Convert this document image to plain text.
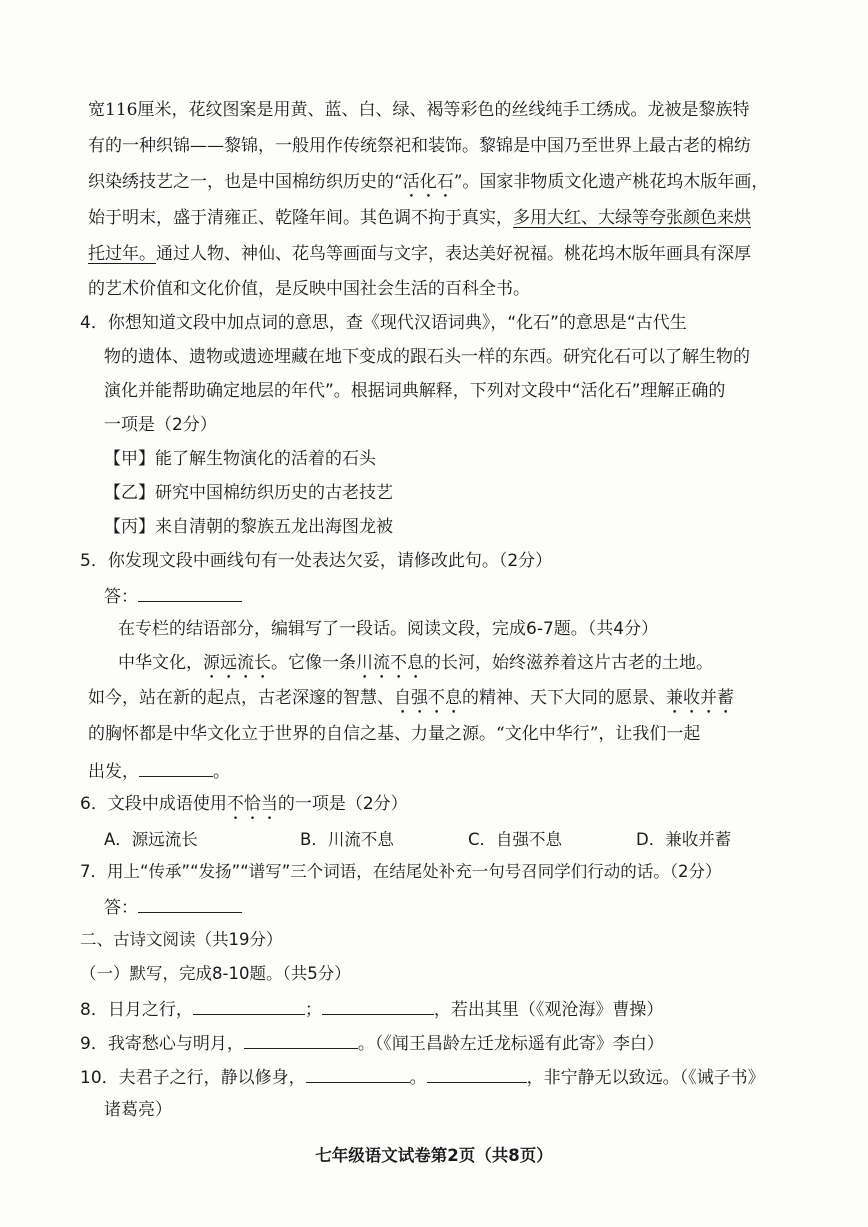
宽116厘米，花纹图案是用黄、蓝、白、绿、褐等彩色的丝线纯手工绣成。龙被是黎族特
有的一种织锦——黎锦，一般用作传统祭祀和装饰。黎锦是中国乃至世界上最古老的棉纺
织染绣技艺之一，也是中国棉纺织历史的“活化石”。国家非物质文化遗产桃花坞木版年画，
始于明末，盛于清雍正、乾隆年间。其色调不拘于真实，多用大红、大绿等夸张颜色来烘
托过年。通过人物、神仙、花鸟等画面与文字，表达美好祝福。桃花坞木版年画具有深厚
的艺术价值和文化价值，是反映中国社会生活的百科全书。
4．你想知道文段中加点词的意思，查《现代汉语词典》，“化石”的意思是“古代生
物的遗体、遗物或遗迹埋藏在地下变成的跟石头一样的东西。研究化石可以了解生物的
演化并能帮助确定地层的年代”。根据词典解释，下列对文段中“活化石”理解正确的
一项是（2分）
【甲】能了解生物演化的活着的石头
【乙】研究中国棉纺织历史的古老技艺
【丙】来自清朝的黎族五龙出海图龙被
5．你发现文段中画线句有一处表达欠妥，请修改此句。（2分）
答：
在专栏的结语部分，编辑写了一段话。阅读文段，完成6-7题。（共4分）
中华文化，源远流长。它像一条川流不息的长河，始终滋养着这片古老的土地。
如今，站在新的起点，古老深邃的智慧、自强不息的精神、天下大同的愿景、兼收并蓄
的胸怀都是中华文化立于世界的自信之基、力量之源。“文化中华行”，让我们一起
出发，	。
6．文段中成语使用不恰当的一项是（2分）
A．源远流长	B．川流不息	C．自强不息	D．兼收并蓄
7．用上“传承”“发扬”“谱写”三个词语，在结尾处补充一句号召同学们行动的话。（2分）
答：
二、古诗文阅读（共19分）
（一）默写，完成8-10题。（共5分）
8．日月之行，	；	，若出其里（《观沧海》曹操）
9．我寄愁心与明月，	。（《闻王昌龄左迁龙标遥有此寄》李白）
10．夫君子之行，静以修身，	。	，非宁静无以致远。（《诫子书》
诸葛亮）
七年级语文试卷第2页（共8页）
